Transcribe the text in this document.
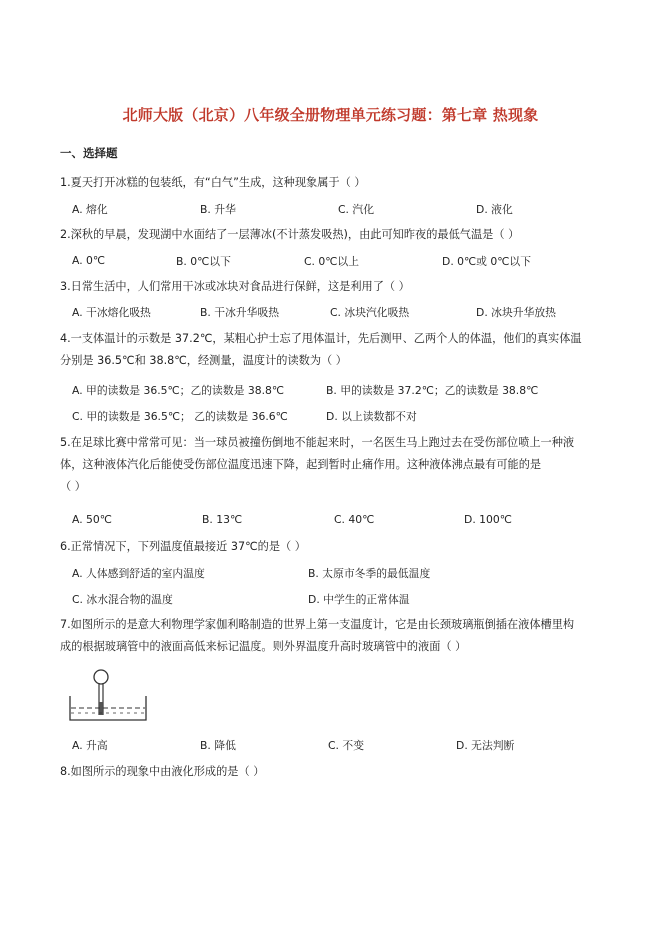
北师大版（北京）八年级全册物理单元练习题：第七章 热现象
一、选择题
1.夏天打开冰糕的包装纸，有“白气”生成，这种现象属于（ ）
A. 熔化	B. 升华	C. 汽化	D. 液化
2.深秋的早晨，发现湖中水面结了一层薄冰(不计蒸发吸热)，由此可知昨夜的最低气温是（ ）
A. 0℃	B. 0℃以下	C. 0℃以上	D. 0℃或 0℃以下
3.日常生活中，人们常用干冰或冰块对食品进行保鲜，这是利用了（ ）
A. 干冰熔化吸热	B. 干冰升华吸热	C. 冰块汽化吸热	D. 冰块升华放热
4.一支体温计的示数是 37.2℃，某粗心护士忘了甩体温计，先后测甲、乙两个人的体温，他们的真实体温
分别是 36.5℃和 38.8℃，经测量，温度计的读数为（ ）
A. 甲的读数是 36.5℃；乙的读数是 38.8℃	B. 甲的读数是 37.2℃；乙的读数是 38.8℃
C. 甲的读数是 36.5℃； 乙的读数是 36.6℃	D. 以上读数都不对
5.在足球比赛中常常可见：当一球员被撞伤倒地不能起来时，一名医生马上跑过去在受伤部位喷上一种液
体，这种液体汽化后能使受伤部位温度迅速下降，起到暂时止痛作用。这种液体沸点最有可能的是
（ ）
A. 50℃	B. 13℃	C. 40℃	D. 100℃
6.正常情况下，下列温度值最接近 37℃的是（ ）
A. 人体感到舒适的室内温度	B. 太原市冬季的最低温度
C. 冰水混合物的温度	D. 中学生的正常体温
7.如图所示的是意大利物理学家伽利略制造的世界上第一支温度计，它是由长颈玻璃瓶倒插在液体槽里构
成的根据玻璃管中的液面高低来标记温度。则外界温度升高时玻璃管中的液面（ ）
A. 升高	B. 降低	C. 不变	D. 无法判断
8.如图所示的现象中由液化形成的是（ ）
